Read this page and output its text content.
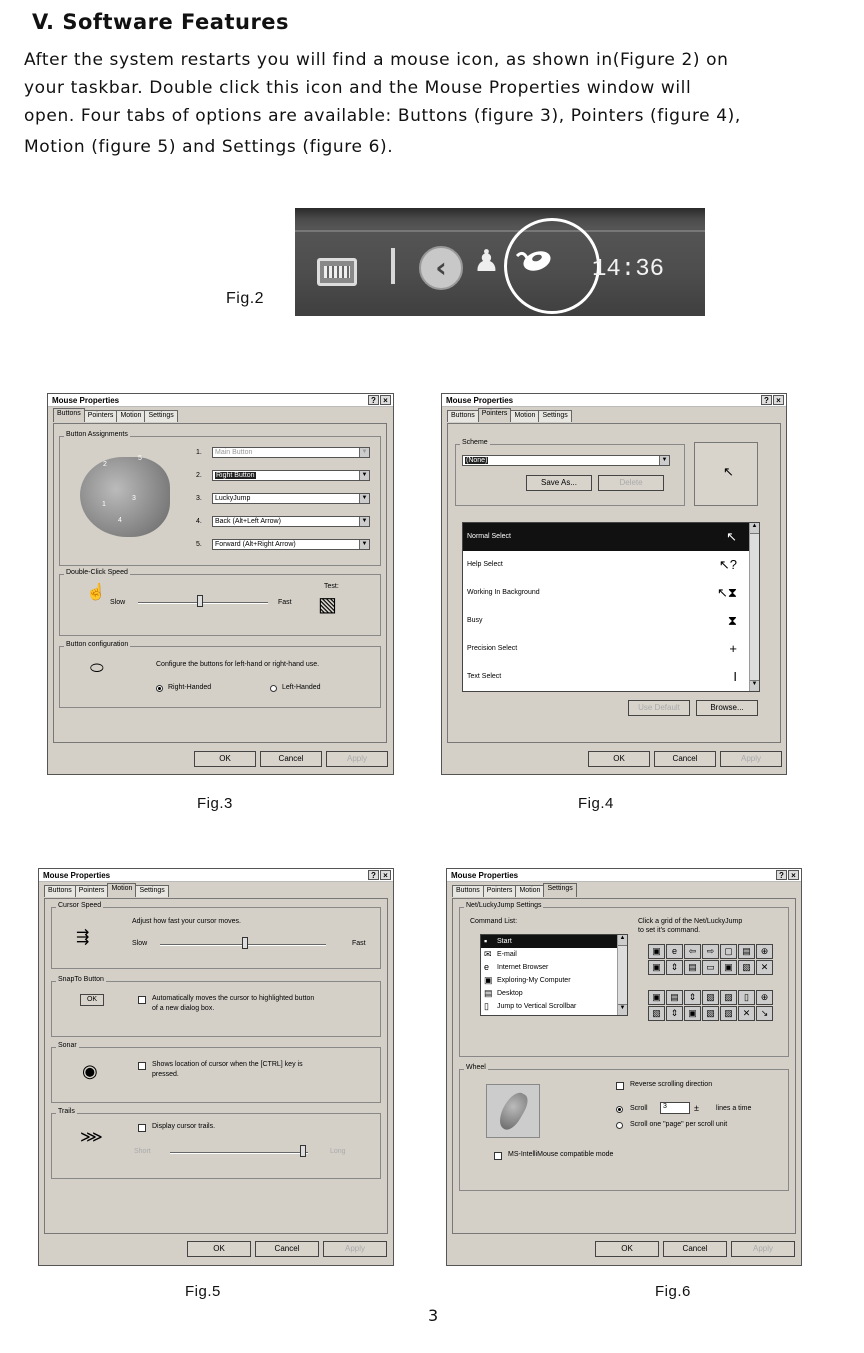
V. Software Features
After the system restarts you will find a mouse icon, as shown in(Figure 2) on
your taskbar. Double click this icon and the Mouse Properties window will
open. Four tabs of options are available: Buttons (figure 3), Pointers (figure 4),
Motion (figure 5) and Settings (figure 6).
Fig.2
‹ ♟	14:36
Mouse Properties	? ×
Buttons	Pointers	Motion	Settings
Button Assignments
2
5
1
3
4
1.	Main Button ▼
2.	Right Button ▼
3.	LuckyJump ▼
4.	Back (Alt+Left Arrow) ▼
5.	Forward (Alt+Right Arrow) ▼
Double-Click Speed
☝
Slow	Fast
Test:
▧
Button configuration
⬭	Configure the buttons for left-hand or right-hand use.
Right-Handed	Left-Handed
OK	Cancel	Apply
Fig.3
Mouse Properties	? ×
Buttons	Pointers	Motion	Settings
Scheme
(None) ▼
Save As...	Delete
↖
Normal Select	↖
Help Select	↖?
Working In Background	↖⧗
Busy	⧗
Precision Select	+
Text Select	I
▲ ▼
Use Default	Browse...
OK	Cancel	Apply
Fig.4
Mouse Properties	? ×
Buttons	Pointers	Motion	Settings
Cursor Speed
⇶
Adjust how fast your cursor moves.
Slow	Fast
SnapTo Button
OK	Automatically moves the cursor to highlighted button
of a new dialog box.
Sonar
◉	Shows location of cursor when the [CTRL] key is
pressed.
Trails
⋙
Display cursor trails.
Short	Long
OK	Cancel	Apply
Fig.5
Mouse Properties	? ×
Buttons	Pointers	Motion	Settings
Net/LuckyJump Settings
Command List:	Click a grid of the Net/LuckyJump
to set it's command.
▪ Start
✉ E-mail
e Internet Browser
▣ Exploring-My Computer
▤ Desktop
▯ Jump to Vertical Scrollbar
▲ ▼
▣	e	⇦	⇨	▢	▤	⊕
▣	⇕	▤	▭	▣	▧	✕
▣	▤	⇕	▧	▨	▯	⊕
▧	⇕	▣	▧	▨	✕	↘
Wheel
Reverse scrolling direction
Scroll	3	± lines a time
Scroll one "page" per scroll unit
MS-IntelliMouse compatible mode
OK	Cancel	Apply
Fig.6
3
